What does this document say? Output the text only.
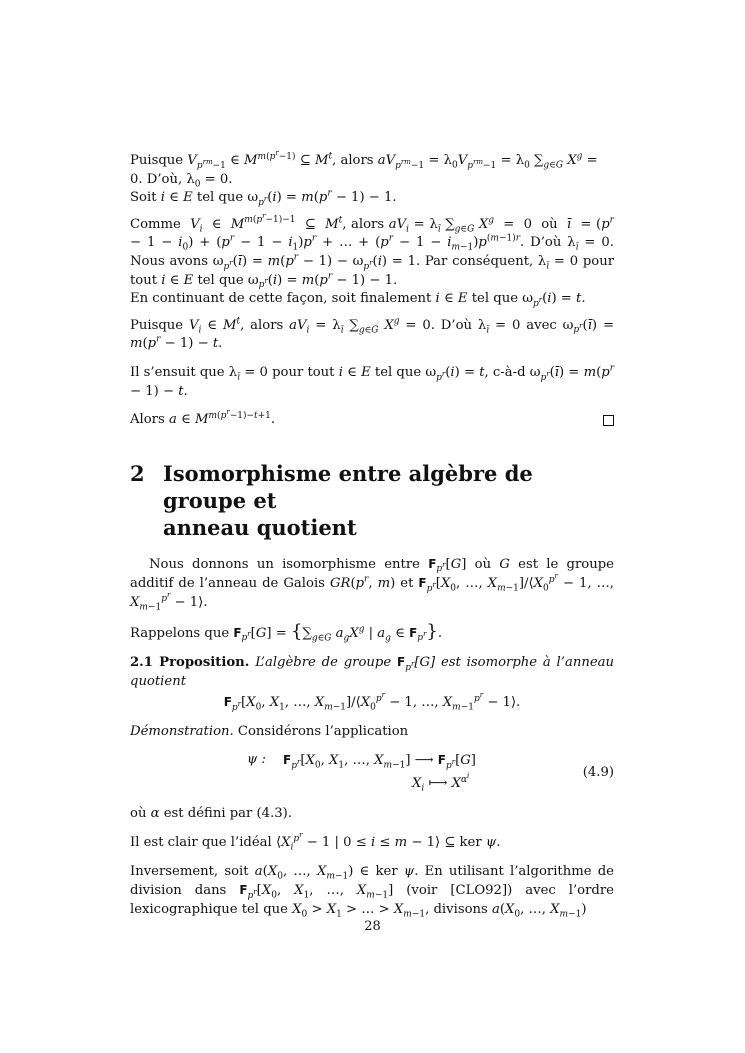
Puisque $V_{p^{rm}-1}$ ∈ $M^{m(p^r-1)}$ ⊆ $M^t$, alors $aV_{p^{rm}-1} = \lambda_0V_{p^{rm}-1} = \lambda_0$ $\sum_{g\in G}$ $X^g$ =
0. D’où, $\lambda_0 = 0$.

Soit i ∈ E tel que $\omega_{p^r}(i) = m(p^r - 1) - 1$.

Comme  $V_i$  ∈  $M^{m(p^r-1)-1}$  ⊆  $M^t$, alors $aV_i = \lambda_ī$ $\sum_{g\in G}$ $X^g = 0$  où  ī  = $(p^r - 1 - i_0) + (p^r - 1 - i_1)p^r$ + … + $(p^r - 1 - i_{m-1})p^{(m-1)r}$. D’où $\lambda_ī = 0$. Nous avons $\omega_{p^r}(ī) = m(p^r - 1) - \omega_{p^r}(i) = 1$. Par conséquent, $\lambda_ī = 0$ pour tout i ∈ E tel que $\omega_{p^r}(i) = m(p^r - 1) - 1$.

En continuant de cette façon, soit finalement i ∈ E tel que $\omega_{p^r}(i) = t$.

Puisque $V_i$ ∈ $M^t$, alors $aV_i = \lambda_ī$ $\sum_{g\in G}$ $X^g = 0$. D’où $\lambda_ī = 0$ avec $\omega_{p^r}(ī) = m(p^r - 1) - t$.

Il s’ensuit que $\lambda_ī = 0$ pour tout i ∈ E tel que $\omega_{p^r}(i) = t$, c-à-d $\omega_{p^r}(ī) = m(p^r - 1) - t$.

Alors a ∈ $M^{m(p^r-1)-t+1}$.
2 Isomorphisme entre algèbre de groupe et
anneau quotient

Nous donnons un isomorphisme entre $F_{p^r}[G]$ où G est le groupe additif de l’anneau de Galois $GR(p^r$, m) et $F_{p^r}[X_0$, …, $X_{m-1}]/⟨X_0^{p^r} - 1$, …, $X_{m-1}^{p^r}$ − 1⟩.

Rappelons que $F_{p^r}[G] = \{\sum_{g\in G}$ $a_gX^g$ | $a_g$ ∈ $F_{p^r}$}.

2.1 Proposition. L’algèbre de groupe $F_{p^r}[G]$ est isomorphe à l’anneau quotient

$F_{p^r}[X_0$, $X_1$, …, $X_{m-1}]/⟨X_0^{p^r} - 1$, …, $X_{m-1}^{p^r}$ − 1⟩.

Démonstration. Considérons l’application

ψ : $F_{p^r}[X_0$, $X_1$, …, $X_{m-1}$] ⟶ $F_{p^r}[G]$
$X_i$ ⟼ $X^{\alpha^i}$	(4.9)

où α est défini par (4.3).

Il est clair que l’idéal $⟨X_i^{p^r} - 1$ | 0 ≤ i ≤ m − 1⟩ ⊆ ker ψ.

Inversement, soit $a(X_0$, …, $X_{m-1}$) ∈ ker ψ. En utilisant l’algorithme de division dans $F_{p^r}[X_0$, $X_1$, …, $X_{m-1}$] (voir [CLO92]) avec l’ordre lexicographique tel que $X_0 > X_1$ > … > $X_{m-1}$, divisons $a(X_0$, …, $X_{m-1}$)

28
